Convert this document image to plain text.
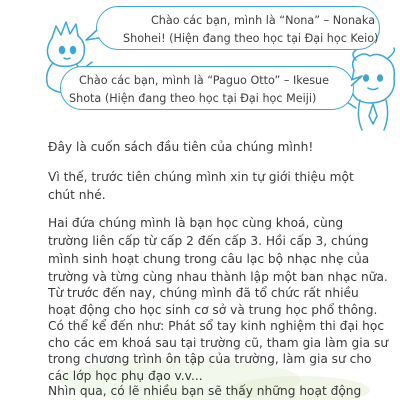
Chào các bạn, mình là “Nona” – Nonaka
Shohei! (Hiện đang theo học tại Đại học Keio)
Chào các bạn, mình là “Paguo Otto” – Ikesue
Shota (Hiện đang theo học tại Đại học Meiji)
Đây là cuốn sách đầu tiên của chúng mình!
Vì thế, trước tiên chúng mình xin tự giới thiệu một
chút nhé.
Hai đứa chúng mình là bạn học cùng khoá, cùng
trường liên cấp từ cấp 2 đến cấp 3. Hồi cấp 3, chúng
mình sinh hoạt chung trong câu lạc bộ nhạc nhẹ của
trường và từng cùng nhau thành lập một ban nhạc nữa.
Từ trước đến nay, chúng mình đã tổ chức rất nhiều
hoạt động cho học sinh cơ sở và trung học phổ thông.
Có thể kể đến như: Phát sổ tay kinh nghiệm thi đại học
cho các em khoá sau tại trường cũ, tham gia làm gia sư
trong chương trình ôn tập của trường, làm gia sư cho
các lớp học phụ đạo v.v...
Nhìn qua, có lẽ nhiều bạn sẽ thấy những hoạt động
